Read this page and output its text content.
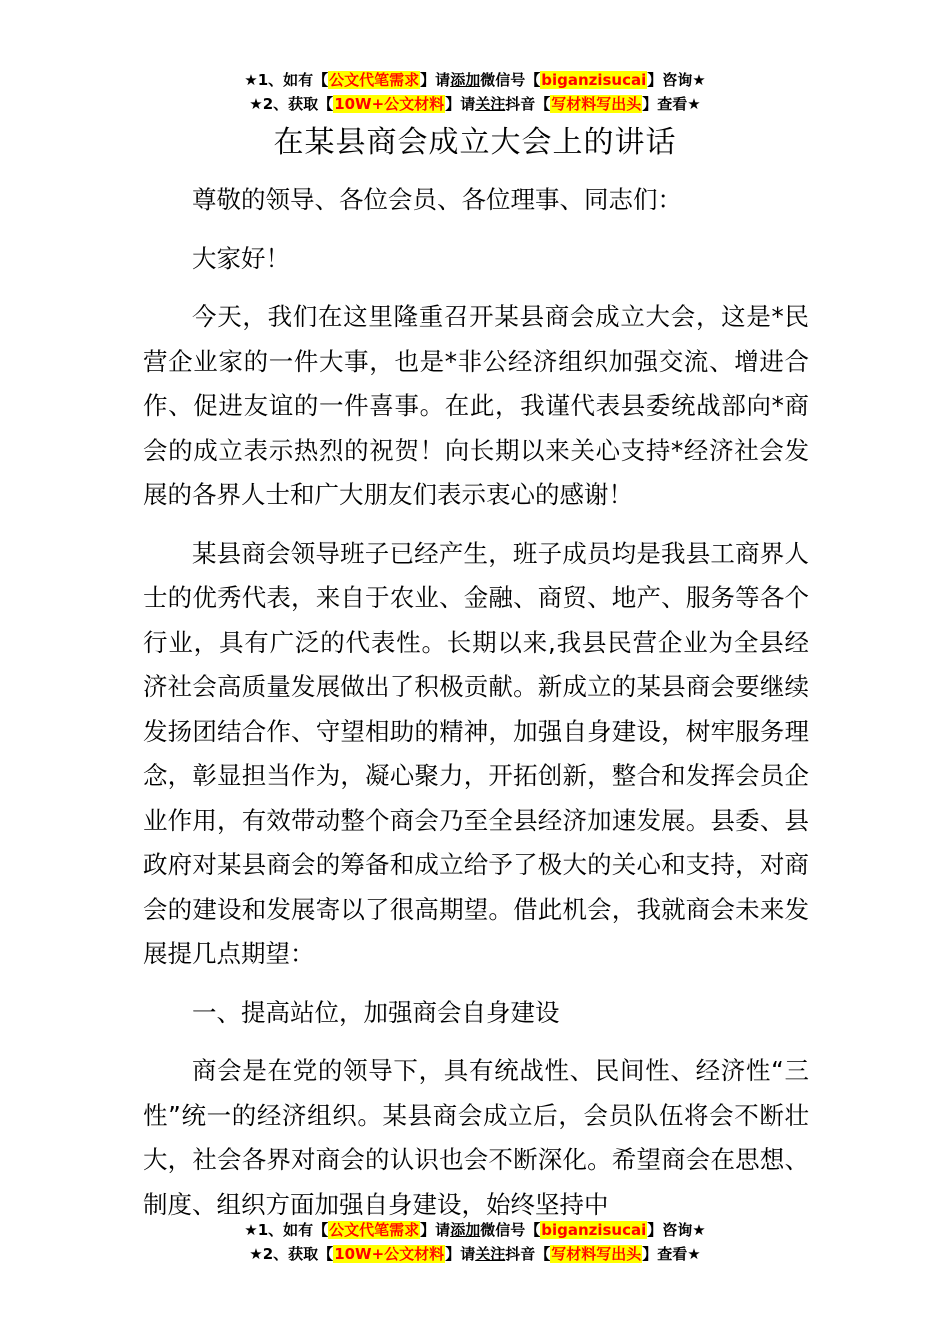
★1、如有【公文代笔需求】请添加微信号【biganzisucai】咨询★
★2、获取【10W+公文材料】请关注抖音【写材料写出头】查看★
在某县商会成立大会上的讲话

尊敬的领导、各位会员、各位理事、同志们：

大家好！

今天，我们在这里隆重召开某县商会成立大会，这是*民营企业家的一件大事，也是*非公经济组织加强交流、增进合作、促进友谊的一件喜事。在此，我谨代表县委统战部向*商会的成立表示热烈的祝贺！向长期以来关心支持*经济社会发展的各界人士和广大朋友们表示衷心的感谢！

某县商会领导班子已经产生，班子成员均是我县工商界人士的优秀代表，来自于农业、金融、商贸、地产、服务等各个行业，具有广泛的代表性。长期以来,我县民营企业为全县经济社会高质量发展做出了积极贡献。新成立的某县商会要继续发扬团结合作、守望相助的精神，加强自身建设，树牢服务理念，彰显担当作为，凝心聚力，开拓创新，整合和发挥会员企业作用，有效带动整个商会乃至全县经济加速发展。县委、县政府对某县商会的筹备和成立给予了极大的关心和支持，对商会的建设和发展寄以了很高期望。借此机会，我就商会未来发展提几点期望：

一、提高站位，加强商会自身建设

商会是在党的领导下，具有统战性、民间性、经济性“三性”统一的经济组织。某县商会成立后，会员队伍将会不断壮大，社会各界对商会的认识也会不断深化。希望商会在思想、制度、组织方面加强自身建设，始终坚持中

★1、如有【公文代笔需求】请添加微信号【biganzisucai】咨询★
★2、获取【10W+公文材料】请关注抖音【写材料写出头】查看★
